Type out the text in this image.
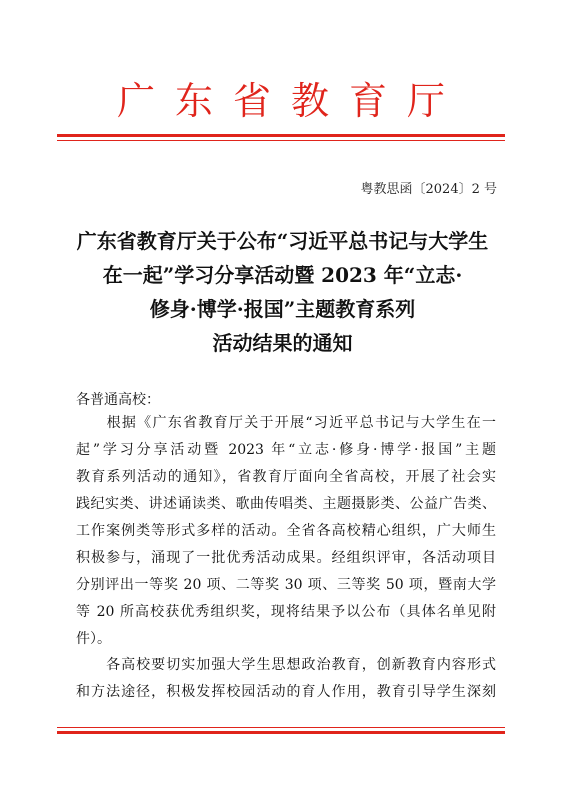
广东省教育厅
粤教思函〔2024〕2 号
广东省教育厅关于公布“习近平总书记与大学生
在一起”学习分享活动暨 2023 年“立志·
修身·博学·报国”主题教育系列
活动结果的通知
各普通高校：
　　根据《广东省教育厅关于开展“习近平总书记与大学生在一
起”学习分享活动暨 2023 年“立志·修身·博学·报国”主题
教育系列活动的通知》，省教育厅面向全省高校，开展了社会实
践纪实类、讲述诵读类、歌曲传唱类、主题摄影类、公益广告类、
工作案例类等形式多样的活动。全省各高校精心组织，广大师生
积极参与，涌现了一批优秀活动成果。经组织评审，各活动项目
分别评出一等奖 20 项、二等奖 30 项、三等奖 50 项，暨南大学
等 20 所高校获优秀组织奖，现将结果予以公布（具体名单见附
件）。
　　各高校要切实加强大学生思想政治教育，创新教育内容形式
和方法途径，积极发挥校园活动的育人作用，教育引导学生深刻
